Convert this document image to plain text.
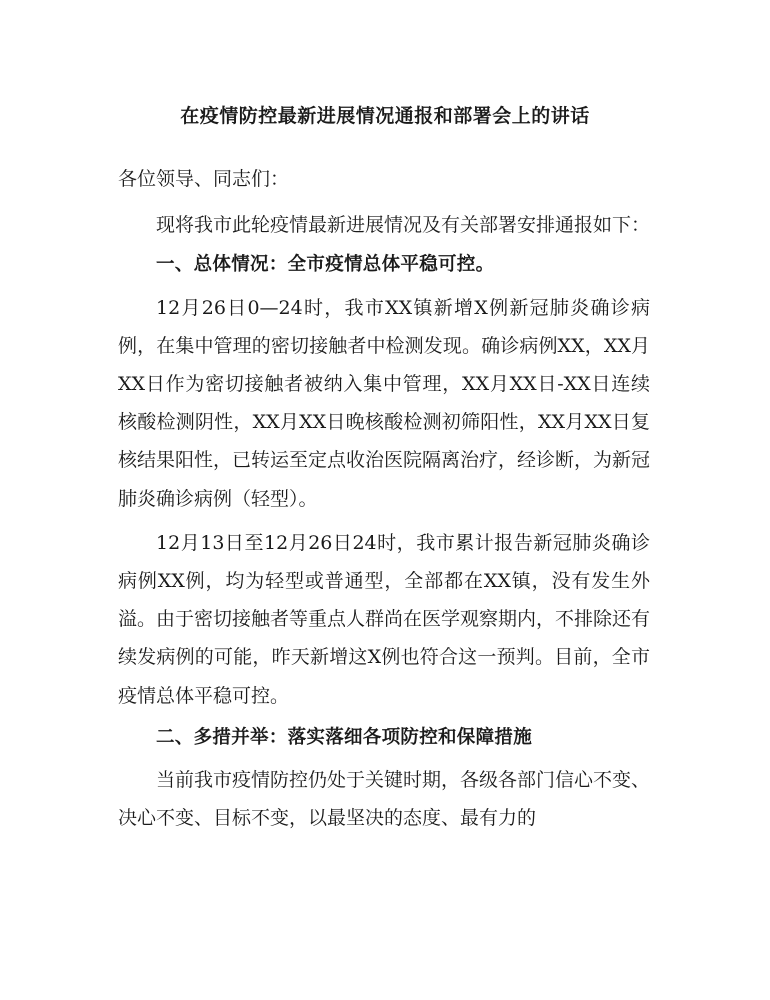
在疫情防控最新进展情况通报和部署会上的讲话

各位领导、同志们：

现将我市此轮疫情最新进展情况及有关部署安排通报如下：

一、总体情况：全市疫情总体平稳可控。

12月26日0—24时，我市XX镇新增X例新冠肺炎确诊病例，在集中管理的密切接触者中检测发现。确诊病例XX，XX月XX日作为密切接触者被纳入集中管理，XX月XX日-XX日连续核酸检测阴性，XX月XX日晚核酸检测初筛阳性，XX月XX日复核结果阳性，已转运至定点收治医院隔离治疗，经诊断，为新冠肺炎确诊病例（轻型）。

12月13日至12月26日24时，我市累计报告新冠肺炎确诊病例XX例，均为轻型或普通型，全部都在XX镇，没有发生外溢。由于密切接触者等重点人群尚在医学观察期内，不排除还有续发病例的可能，昨天新增这X例也符合这一预判。目前，全市疫情总体平稳可控。

二、多措并举：落实落细各项防控和保障措施

当前我市疫情防控仍处于关键时期，各级各部门信心不变、决心不变、目标不变，以最坚决的态度、最有力的
